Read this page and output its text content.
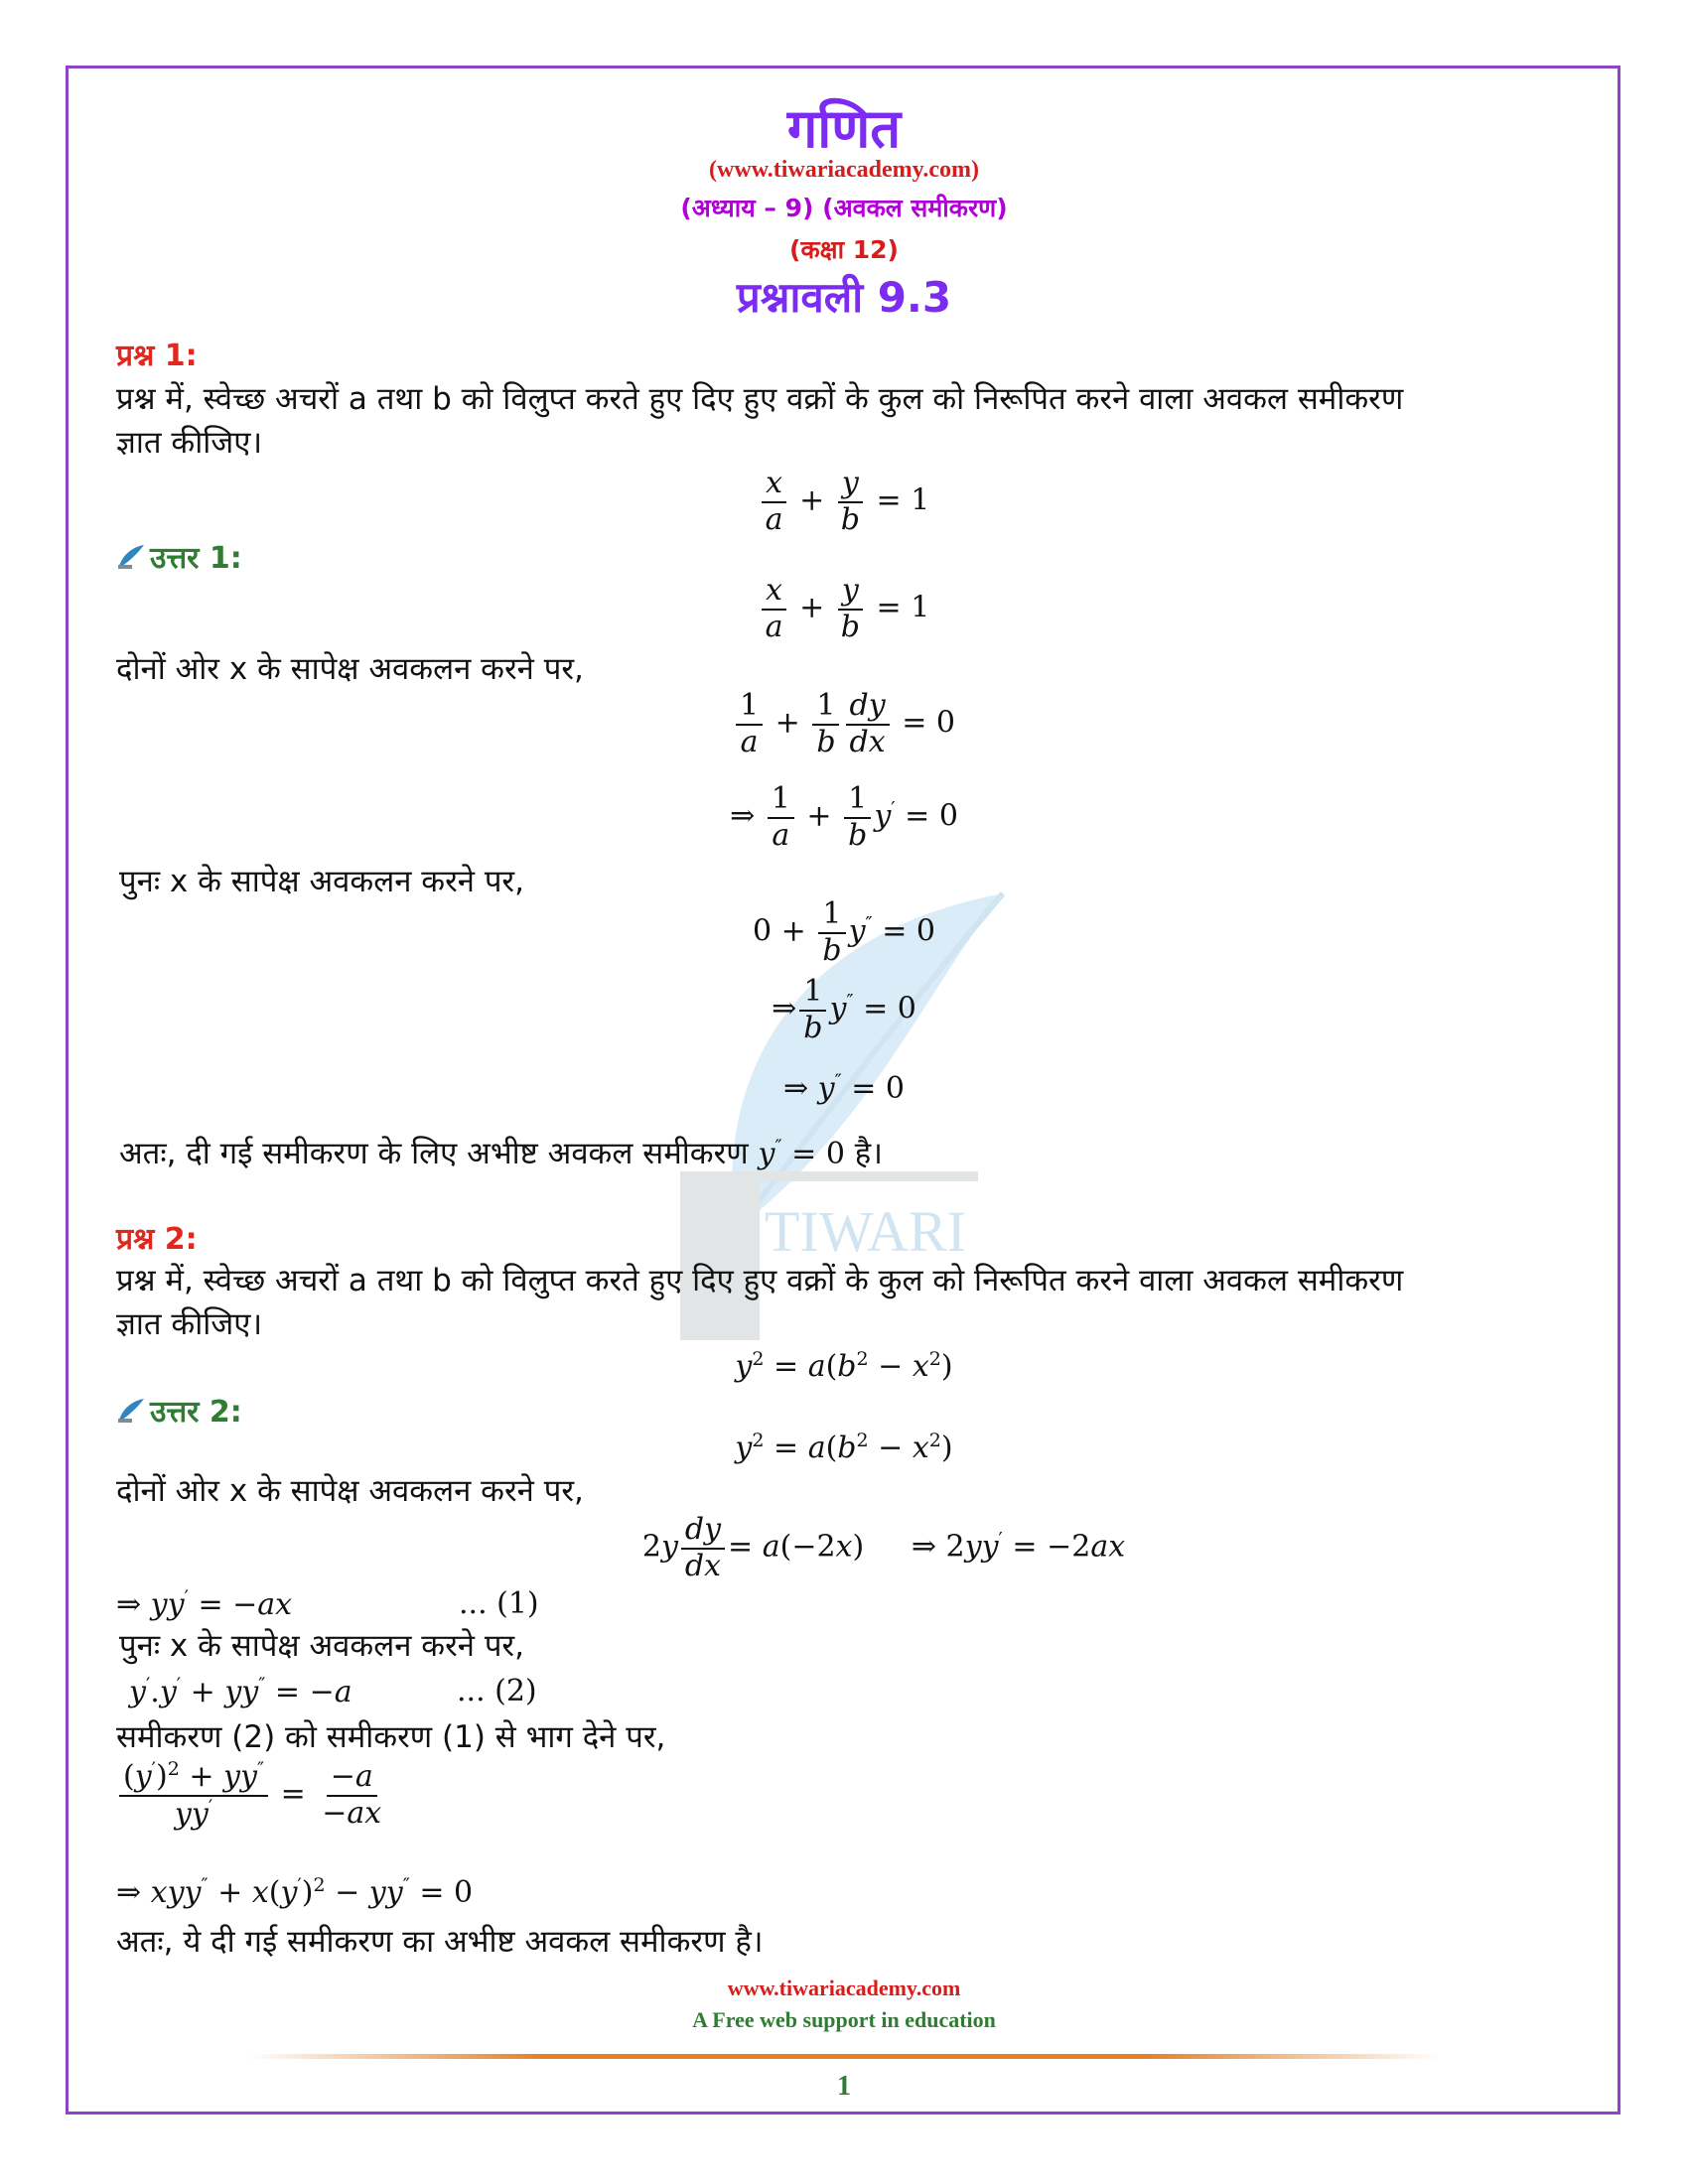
TIWARI
गणित
(www.tiwariacademy.com)
(अध्याय – 9) (अवकल समीकरण)
(कक्षा 12)
प्रश्नावली 9.3
प्रश्न 1:
प्रश्न में, स्वेच्छ अचरों a तथा b को विलुप्त करते हुए दिए हुए वक्रों के कुल को निरूपित करने वाला अवकल समीकरण
ज्ञात कीजिए।
$\frac{x}{a} + \frac{y}{b} = 1$
उत्तर 1:
$\frac{x}{a} + \frac{y}{b} = 1$
दोनों ओर x के सापेक्ष अवकलन करने पर,
$\frac{1}{a} + \frac{1}{b} \frac{dy}{dx} = 0$
⇒ $\frac{1}{a} + \frac{1}{b} y' = 0$
पुनः x के सापेक्ष अवकलन करने पर,
$0 + \frac{1}{b} y'' = 0$
⇒ $\frac{1}{b} y'' = 0$
⇒ y″ = 0
अतः, दी गई समीकरण के लिए अभीष्ट अवकल समीकरण y″ = 0 है।
प्रश्न 2:
प्रश्न में, स्वेच्छ अचरों a तथा b को विलुप्त करते हुए दिए हुए वक्रों के कुल को निरूपित करने वाला अवकल समीकरण
ज्ञात कीजिए।
$y^2 = a(b^2 - x^2)$
उत्तर 2:
$y^2 = a(b^2 - x^2)$
दोनों ओर x के सापेक्ष अवकलन करने पर,
$2y \frac{dy}{dx} = a(-2x)$ ⇒ 2yy′ = −2ax
⇒ yy′ = −ax	... (1)
पुनः x के सापेक्ष अवकलन करने पर,
y′.y′ + yy″ = −a	... (2)
समीकरण (2) को समीकरण (1) से भाग देने पर,
$\frac{(y')^2 + yy''}{yy'} = \frac{-a}{-ax}$
⇒ $xyy'' + x(y')^2 - yy'' = 0$
अतः, ये दी गई समीकरण का अभीष्ट अवकल समीकरण है।
www.tiwariacademy.com
A Free web support in education
1
